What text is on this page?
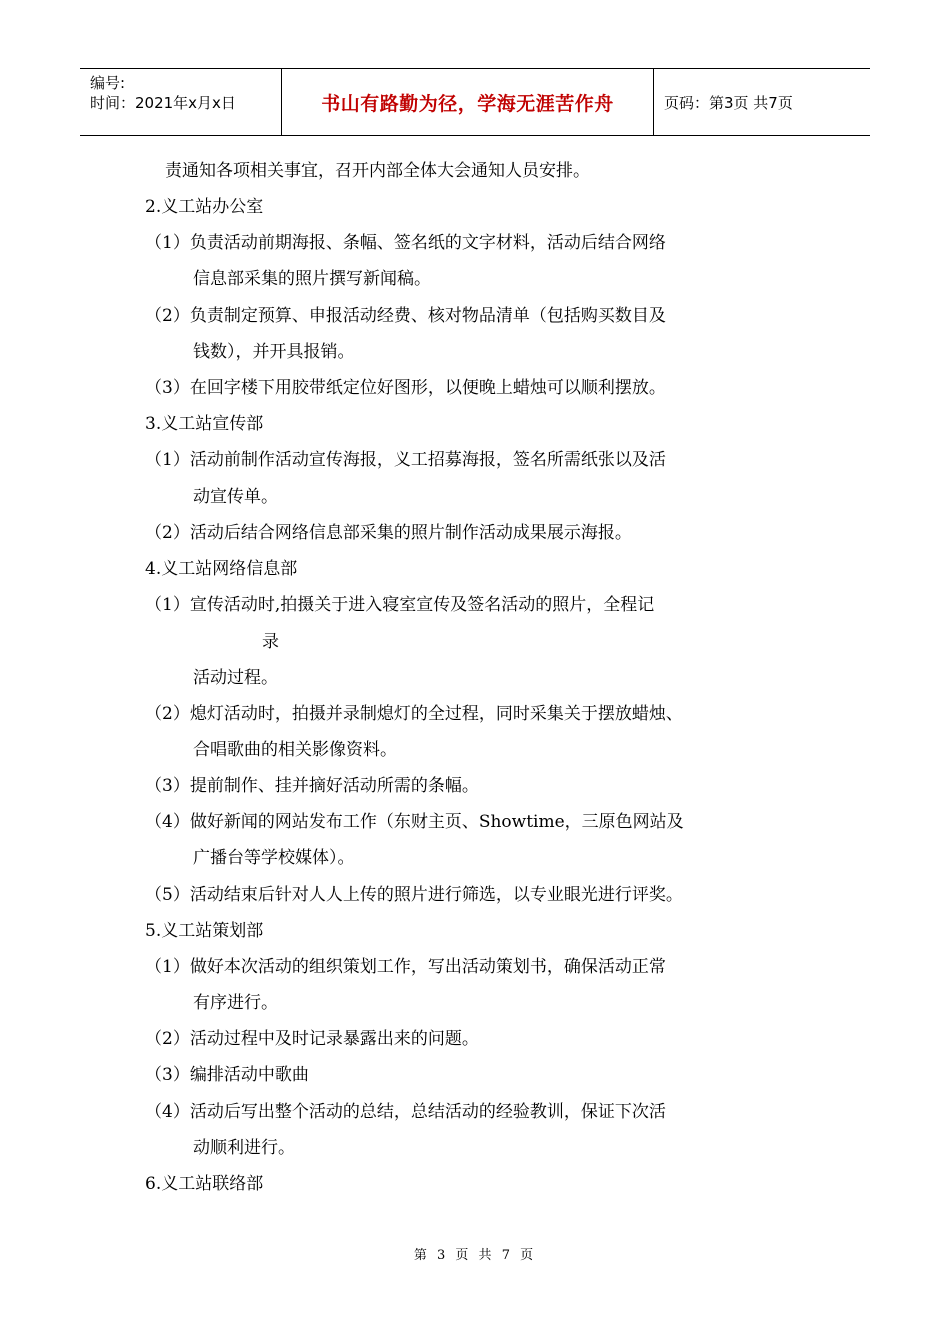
编号:
时间：2021年x月x日	书山有路勤为径，学海无涯苦作舟	页码：第3页 共7页
责通知各项相关事宜，召开内部全体大会通知人员安排。
2.义工站办公室
（1）负责活动前期海报、条幅、签名纸的文字材料，活动后结合网络
信息部采集的照片撰写新闻稿。
（2）负责制定预算、申报活动经费、核对物品清单（包括购买数目及
钱数），并开具报销。
（3）在回字楼下用胶带纸定位好图形，以便晚上蜡烛可以顺利摆放。
3.义工站宣传部
（1）活动前制作活动宣传海报，义工招募海报，签名所需纸张以及活
动宣传单。
（2）活动后结合网络信息部采集的照片制作活动成果展示海报。
4.义工站网络信息部
（1）宣传活动时,拍摄关于进入寝室宣传及签名活动的照片，全程记
录
活动过程。
（2）熄灯活动时，拍摄并录制熄灯的全过程，同时采集关于摆放蜡烛、
合唱歌曲的相关影像资料。
（3）提前制作、挂并摘好活动所需的条幅。
（4）做好新闻的网站发布工作（东财主页、Showtime，三原色网站及
广播台等学校媒体）。
（5）活动结束后针对人人上传的照片进行筛选，以专业眼光进行评奖。
5.义工站策划部
（1）做好本次活动的组织策划工作，写出活动策划书，确保活动正常
有序进行。
（2）活动过程中及时记录暴露出来的问题。
（3）编排活动中歌曲
（4）活动后写出整个活动的总结，总结活动的经验教训，保证下次活
动顺利进行。
6.义工站联络部
第 3 页 共 7 页
